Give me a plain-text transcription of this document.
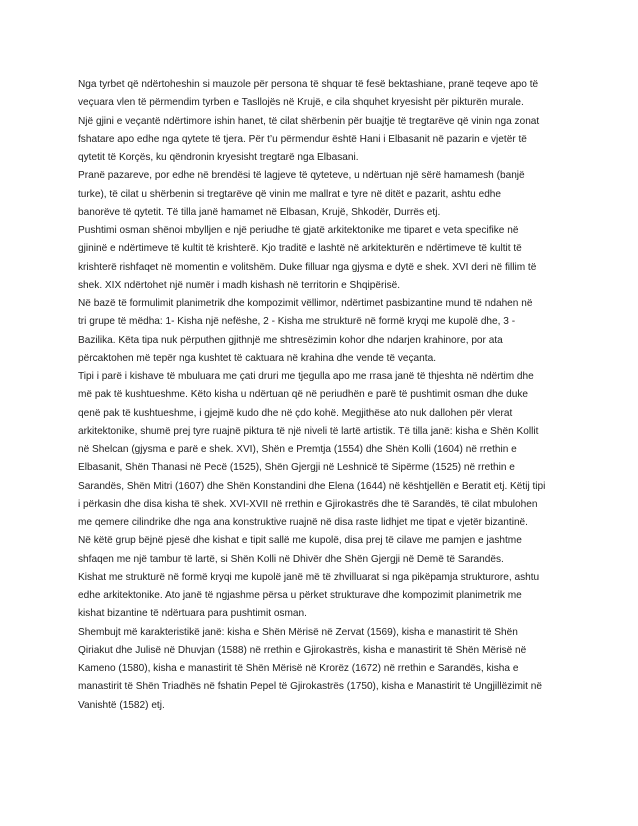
Nga tyrbet që ndërtoheshin si mauzole për persona të shquar të fesë bektashiane, pranë teqeve apo të
veçuara vlen të përmendim tyrben e Tasllojës në Krujë, e cila shquhet kryesisht për pikturën murale.
Një gjini e veçantë ndërtimore ishin hanet, të cilat shërbenin për buajtje të tregtarëve që vinin nga zonat
fshatare apo edhe nga qytete të tjera. Për t’u përmendur është Hani i Elbasanit në pazarin e vjetër të
qytetit të Korçës, ku qëndronin kryesisht tregtarë nga Elbasani.
Pranë pazareve, por edhe në brendësi të lagjeve të qyteteve, u ndërtuan një sërë hamamesh (banjë
turke), të cilat u shërbenin si tregtarëve që vinin me mallrat e tyre në ditët e pazarit, ashtu edhe
banorëve të qytetit. Të tilla janë hamamet në Elbasan, Krujë, Shkodër, Durrës etj.
Pushtimi osman shënoi mbylljen e një periudhe të gjatë arkitektonike me tiparet e veta specifike në
gjininë e ndërtimeve të kultit të krishterë. Kjo traditë e lashtë në arkitekturën e ndërtimeve të kultit të
krishterë rishfaqet në momentin e volitshëm. Duke filluar nga gjysma e dytë e shek. XVI deri në fillim të
shek. XIX ndërtohet një numër i madh kishash në territorin e Shqipërisë.
Në bazë të formulimit planimetrik dhe kompozimit vëllimor, ndërtimet pasbizantine mund të ndahen në
tri grupe të mëdha: 1- Kisha një nefëshe, 2 - Kisha me strukturë në formë kryqi me kupolë dhe, 3 -
Bazilika. Këta tipa nuk përputhen gjithnjë me shtresëzimin kohor dhe ndarjen krahinore, por ata
përcaktohen më tepër nga kushtet të caktuara në krahina dhe vende të veçanta.
Tipi i parë i kishave të mbuluara me çati druri me tjegulla apo me rrasa janë të thjeshta në ndërtim dhe
më pak të kushtueshme. Këto kisha u ndërtuan që në periudhën e parë të pushtimit osman dhe duke
qenë pak të kushtueshme, i gjejmë kudo dhe në çdo kohë. Megjithëse ato nuk dallohen për vlerat
arkitektonike, shumë prej tyre ruajnë piktura të një niveli të lartë artistik. Të tilla janë: kisha e Shën Kollit
në Shelcan (gjysma e parë e shek. XVI), Shën e Premtja (1554) dhe Shën Kolli (1604) në rrethin e
Elbasanit, Shën Thanasi në Pecë (1525), Shën Gjergji në Leshnicë të Sipërme (1525) në rrethin e
Sarandës, Shën Mitri (1607) dhe Shën Konstandini dhe Elena (1644) në kështjellën e Beratit etj. Këtij tipi
i përkasin dhe disa kisha të shek. XVI-XVII në rrethin e Gjirokastrës dhe të Sarandës, të cilat mbulohen
me qemere cilindrike dhe nga ana konstruktive ruajnë në disa raste lidhjet me tipat e vjetër bizantinë.
Në këtë grup bëjnë pjesë dhe kishat e tipit sallë me kupolë, disa prej të cilave me pamjen e jashtme
shfaqen me një tambur të lartë, si Shën Kolli në Dhivër dhe Shën Gjergji në Demë të Sarandës.
Kishat me strukturë në formë kryqi me kupolë janë më të zhvilluarat si nga pikëpamja strukturore, ashtu
edhe arkitektonike. Ato janë të ngjashme përsa u përket strukturave dhe kompozimit planimetrik me
kishat bizantine të ndërtuara para pushtimit osman.
Shembujt më karakteristikë janë: kisha e Shën Mërisë në Zervat (1569), kisha e manastirit të Shën
Qiriakut dhe Julisë në Dhuvjan (1588) në rrethin e Gjirokastrës, kisha e manastirit të Shën Mërisë në
Kameno (1580), kisha e manastirit të Shën Mërisë në Krorëz (1672) në rrethin e Sarandës, kisha e
manastirit të Shën Triadhës në fshatin Pepel të Gjirokastrës (1750), kisha e Manastirit të Ungjillëzimit në
Vanishtë (1582) etj.
